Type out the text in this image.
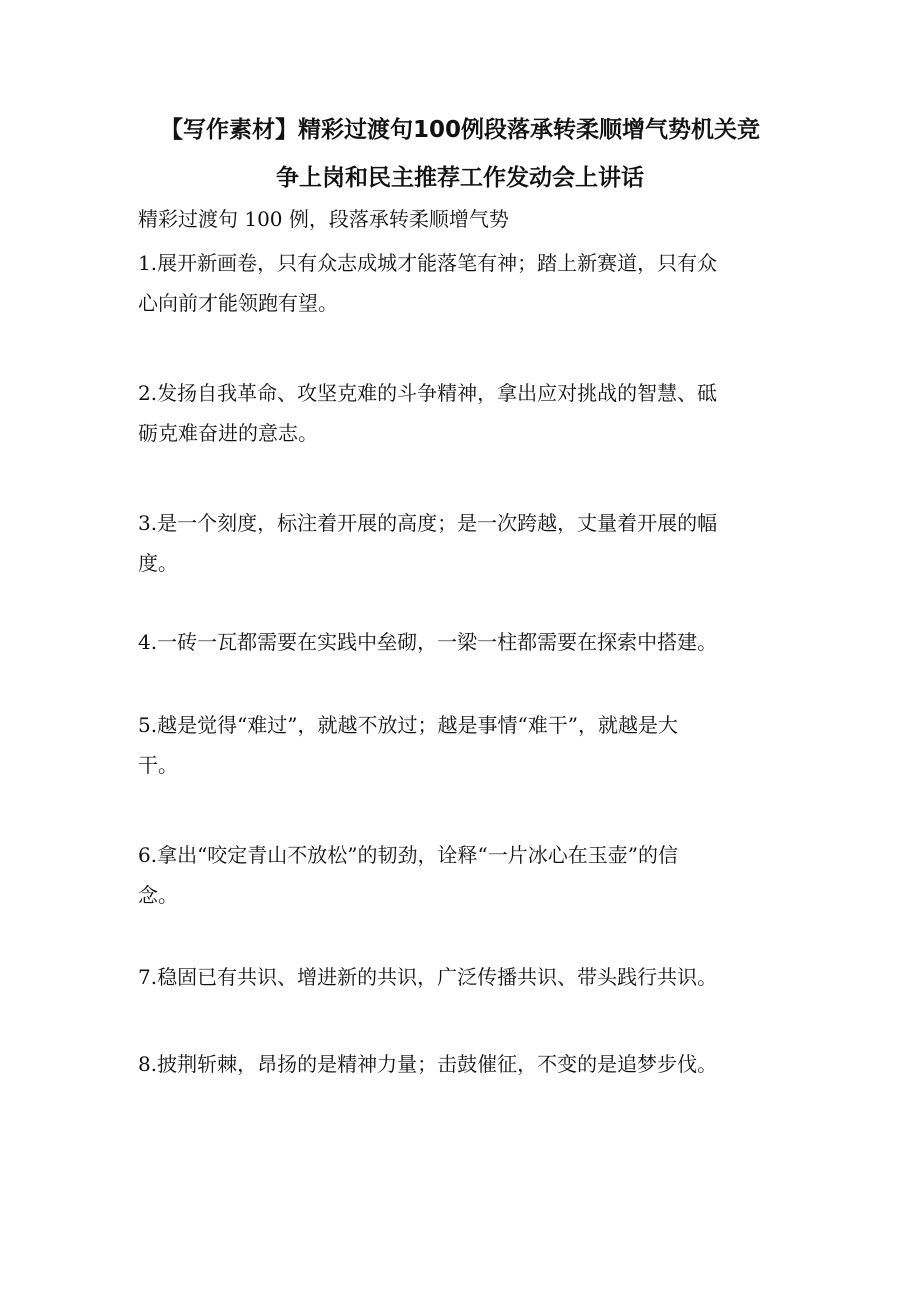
【写作素材】精彩过渡句100例段落承转柔顺增气势机关竞
争上岗和民主推荐工作发动会上讲话
精彩过渡句 100 例，段落承转柔顺增气势
1.展开新画卷，只有众志成城才能落笔有神；踏上新赛道，只有众
心向前才能领跑有望。
2.发扬自我革命、攻坚克难的斗争精神，拿出应对挑战的智慧、砥
砺克难奋进的意志。
3.是一个刻度，标注着开展的高度；是一次跨越，丈量着开展的幅
度。
4.一砖一瓦都需要在实践中垒砌，一梁一柱都需要在探索中搭建。
5.越是觉得“难过”，就越不放过；越是事情“难干”，就越是大
干。
6.拿出“咬定青山不放松”的韧劲，诠释“一片冰心在玉壶”的信
念。
7.稳固已有共识、增进新的共识，广泛传播共识、带头践行共识。
8.披荆斩棘，昂扬的是精神力量；击鼓催征，不变的是追梦步伐。
